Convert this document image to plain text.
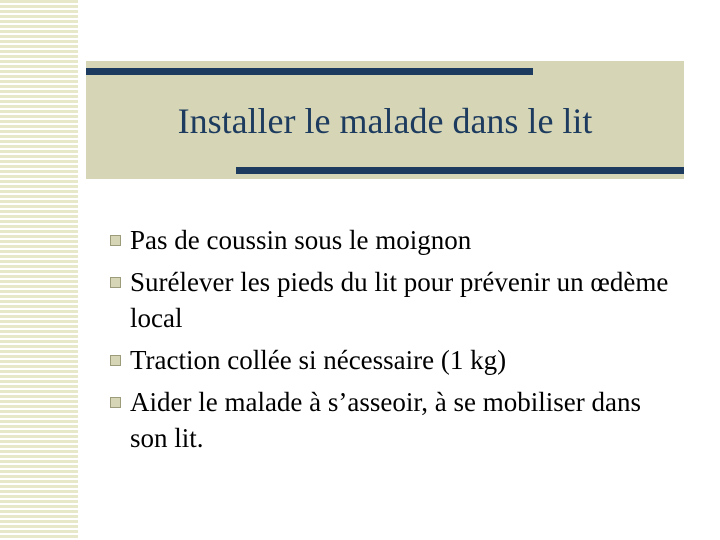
Installer le malade dans le lit
Pas de coussin sous le moignon
Surélever les pieds du lit pour prévenir un œdème local
Traction collée si nécessaire (1 kg)
Aider le malade à s’asseoir, à se mobiliser dans son lit.
